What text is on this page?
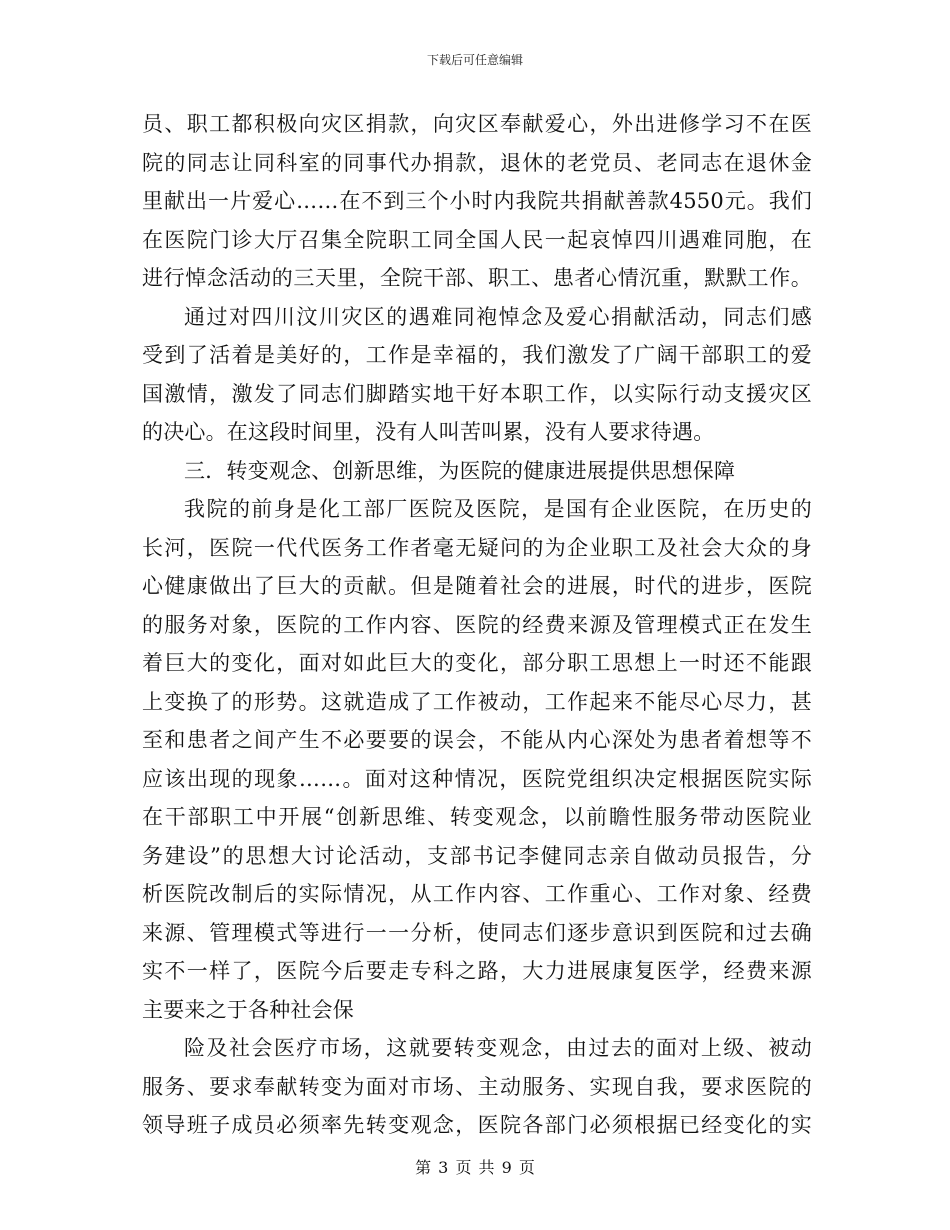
下载后可任意编辑
员、职工都积极向灾区捐款，向灾区奉献爱心，外出进修学习不在医
院的同志让同科室的同事代办捐款，退休的老党员、老同志在退休金
里献出一片爱心……在不到三个小时内我院共捐献善款4550元。我们
在医院门诊大厅召集全院职工同全国人民一起哀悼四川遇难同胞，在
进行悼念活动的三天里，全院干部、职工、患者心情沉重，默默工作。
通过对四川汶川灾区的遇难同袍悼念及爱心捐献活动，同志们感
受到了活着是美好的，工作是幸福的，我们激发了广阔干部职工的爱
国激情，激发了同志们脚踏实地干好本职工作，以实际行动支援灾区
的决心。在这段时间里，没有人叫苦叫累，没有人要求待遇。
三．转变观念、创新思维，为医院的健康进展提供思想保障
我院的前身是化工部厂医院及医院，是国有企业医院，在历史的
长河，医院一代代医务工作者毫无疑问的为企业职工及社会大众的身
心健康做出了巨大的贡献。但是随着社会的进展，时代的进步，医院
的服务对象，医院的工作内容、医院的经费来源及管理模式正在发生
着巨大的变化，面对如此巨大的变化，部分职工思想上一时还不能跟
上变换了的形势。这就造成了工作被动，工作起来不能尽心尽力，甚
至和患者之间产生不必要要的误会，不能从内心深处为患者着想等不
应该出现的现象……。面对这种情况，医院党组织决定根据医院实际
在干部职工中开展“创新思维、转变观念，以前瞻性服务带动医院业
务建设”的思想大讨论活动，支部书记李健同志亲自做动员报告，分
析医院改制后的实际情况，从工作内容、工作重心、工作对象、经费
来源、管理模式等进行一一分析，使同志们逐步意识到医院和过去确
实不一样了，医院今后要走专科之路，大力进展康复医学，经费来源
主要来之于各种社会保
险及社会医疗市场，这就要转变观念，由过去的面对上级、被动
服务、要求奉献转变为面对市场、主动服务、实现自我，要求医院的
领导班子成员必须率先转变观念，医院各部门必须根据已经变化的实
第 3 页 共 9 页
